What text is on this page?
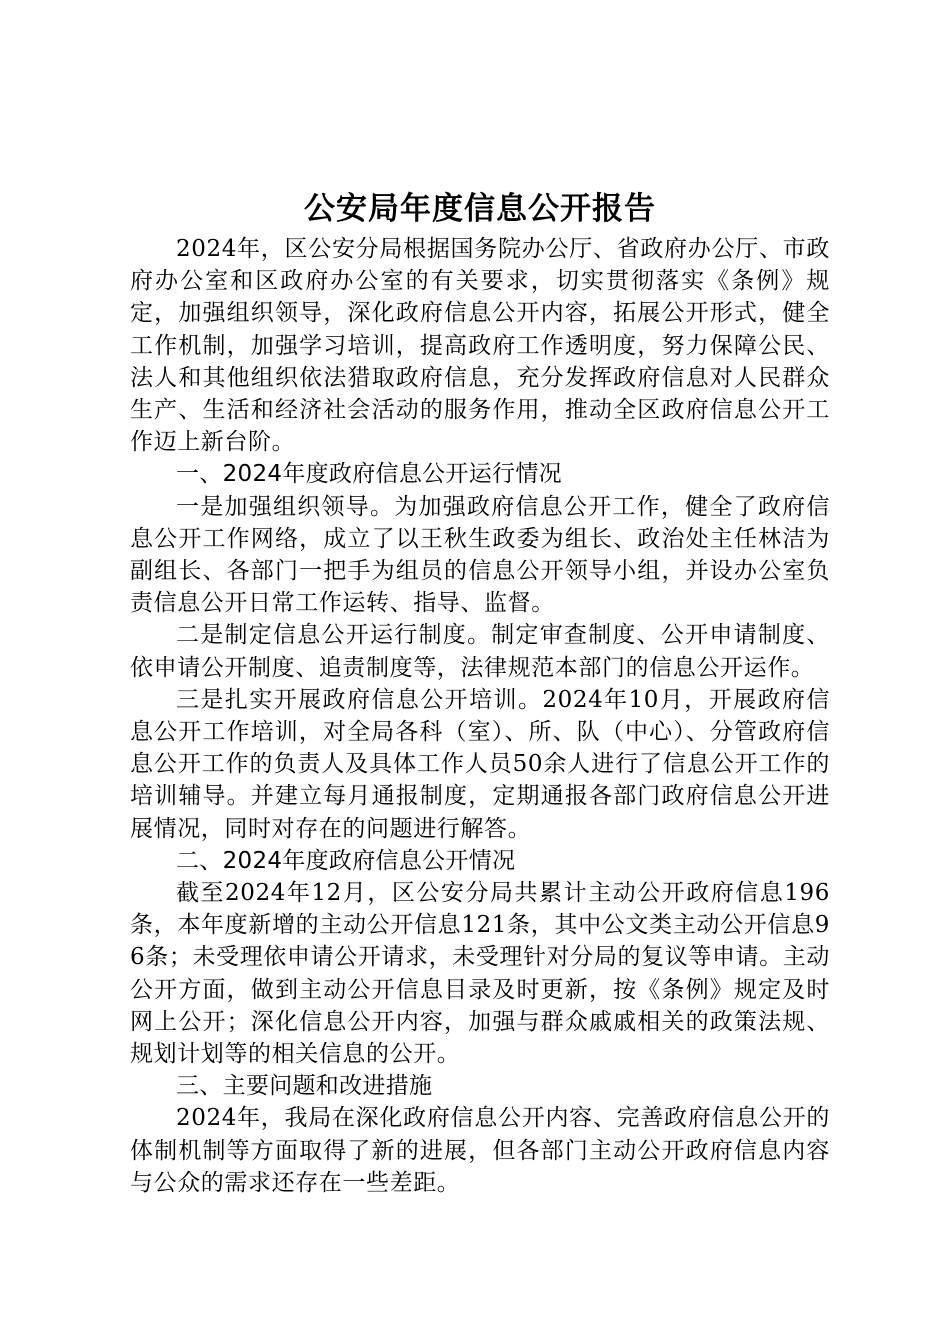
公安局年度信息公开报告

2024年，区公安分局根据国务院办公厅、省政府办公厅、市政府办公室和区政府办公室的有关要求，切实贯彻落实《条例》规定，加强组织领导，深化政府信息公开内容，拓展公开形式，健全工作机制，加强学习培训，提高政府工作透明度，努力保障公民、法人和其他组织依法猎取政府信息，充分发挥政府信息对人民群众生产、生活和经济社会活动的服务作用，推动全区政府信息公开工作迈上新台阶。

一、2024年度政府信息公开运行情况

一是加强组织领导。为加强政府信息公开工作，健全了政府信息公开工作网络，成立了以王秋生政委为组长、政治处主任林洁为副组长、各部门一把手为组员的信息公开领导小组，并设办公室负责信息公开日常工作运转、指导、监督。

二是制定信息公开运行制度。制定审查制度、公开申请制度、依申请公开制度、追责制度等，法律规范本部门的信息公开运作。

三是扎实开展政府信息公开培训。2024年10月，开展政府信息公开工作培训，对全局各科（室）、所、队（中心）、分管政府信息公开工作的负责人及具体工作人员50余人进行了信息公开工作的培训辅导。并建立每月通报制度，定期通报各部门政府信息公开进展情况，同时对存在的问题进行解答。

二、2024年度政府信息公开情况

截至2024年12月，区公安分局共累计主动公开政府信息196条，本年度新增的主动公开信息121条，其中公文类主动公开信息96条；未受理依申请公开请求，未受理针对分局的复议等申请。主动公开方面，做到主动公开信息目录及时更新，按《条例》规定及时网上公开；深化信息公开内容，加强与群众戚戚相关的政策法规、规划计划等的相关信息的公开。

三、主要问题和改进措施

2024年，我局在深化政府信息公开内容、完善政府信息公开的体制机制等方面取得了新的进展，但各部门主动公开政府信息内容与公众的需求还存在一些差距。
